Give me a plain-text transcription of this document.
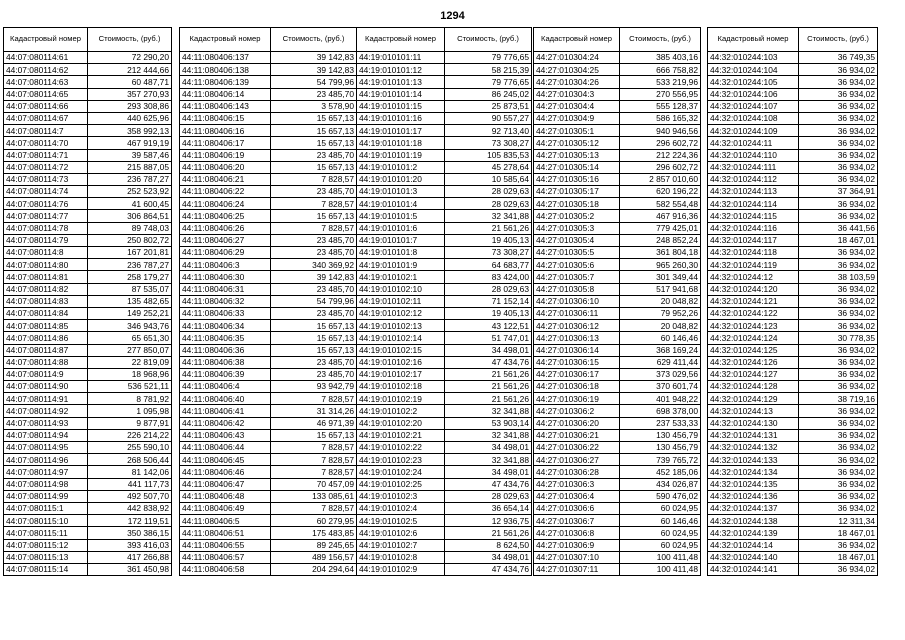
1294
Кадастровый номер	Стоимость, (руб.)
44:07:080114:61	72 290,20
44:07:080114:62	212 444,66
44:07:080114:63	60 487,71
44:07:080114:65	357 270,93
44:07:080114:66	293 308,86
44:07:080114:67	440 625,96
44:07:080114:7	358 992,13
44:07:080114:70	467 919,19
44:07:080114:71	39 587,46
44:07:080114:72	215 887,05
44:07:080114:73	236 787,27
44:07:080114:74	252 523,92
44:07:080114:76	41 600,45
44:07:080114:77	306 864,51
44:07:080114:78	89 748,03
44:07:080114:79	250 802,72
44:07:080114:8	167 201,81
44:07:080114:80	236 787,27
44:07:080114:81	258 179,27
44:07:080114:82	87 535,07
44:07:080114:83	135 482,65
44:07:080114:84	149 252,21
44:07:080114:85	346 943,76
44:07:080114:86	65 651,30
44:07:080114:87	277 850,07
44:07:080114:88	22 819,09
44:07:080114:9	18 968,96
44:07:080114:90	536 521,11
44:07:080114:91	8 781,92
44:07:080114:92	1 095,98
44:07:080114:93	9 877,91
44:07:080114:94	226 214,22
44:07:080114:95	255 590,10
44:07:080114:96	268 506,44
44:07:080114:97	81 142,06
44:07:080114:98	441 117,73
44:07:080114:99	492 507,70
44:07:080115:1	442 838,92
44:07:080115:10	172 119,51
44:07:080115:11	350 386,15
44:07:080115:12	393 416,03
44:07:080115:13	417 266,88
44:07:080115:14	361 450,98
Кадастровый номер	Стоимость, (руб.)
44:11:080406:137	39 142,83
44:11:080406:138	39 142,83
44:11:080406:139	54 799,96
44:11:080406:14	23 485,70
44:11:080406:143	3 578,90
44:11:080406:15	15 657,13
44:11:080406:16	15 657,13
44:11:080406:17	15 657,13
44:11:080406:19	23 485,70
44:11:080406:20	15 657,13
44:11:080406:21	7 828,57
44:11:080406:22	23 485,70
44:11:080406:24	7 828,57
44:11:080406:25	15 657,13
44:11:080406:26	7 828,57
44:11:080406:27	23 485,70
44:11:080406:29	23 485,70
44:11:080406:3	340 369,92
44:11:080406:30	39 142,83
44:11:080406:31	23 485,70
44:11:080406:32	54 799,96
44:11:080406:33	23 485,70
44:11:080406:34	15 657,13
44:11:080406:35	15 657,13
44:11:080406:36	15 657,13
44:11:080406:38	23 485,70
44:11:080406:39	23 485,70
44:11:080406:4	93 942,79
44:11:080406:40	7 828,57
44:11:080406:41	31 314,26
44:11:080406:42	46 971,39
44:11:080406:43	15 657,13
44:11:080406:44	7 828,57
44:11:080406:45	7 828,57
44:11:080406:46	7 828,57
44:11:080406:47	70 457,09
44:11:080406:48	133 085,61
44:11:080406:49	7 828,57
44:11:080406:5	60 279,95
44:11:080406:51	175 483,85
44:11:080406:55	89 245,65
44:11:080406:57	489 156,57
44:11:080406:58	204 294,64
Кадастровый номер	Стоимость, (руб.)
44:19:010101:11	79 776,65
44:19:010101:12	58 215,39
44:19:010101:13	79 776,65
44:19:010101:14	86 245,02
44:19:010101:15	25 873,51
44:19:010101:16	90 557,27
44:19:010101:17	92 713,40
44:19:010101:18	73 308,27
44:19:010101:19	105 835,53
44:19:010101:2	45 278,64
44:19:010101:20	10 585,64
44:19:010101:3	28 029,63
44:19:010101:4	28 029,63
44:19:010101:5	32 341,88
44:19:010101:6	21 561,26
44:19:010101:7	19 405,13
44:19:010101:8	73 308,27
44:19:010101:9	64 683,77
44:19:010102:1	83 424,00
44:19:010102:10	28 029,63
44:19:010102:11	71 152,14
44:19:010102:12	19 405,13
44:19:010102:13	43 122,51
44:19:010102:14	51 747,01
44:19:010102:15	34 498,01
44:19:010102:16	47 434,76
44:19:010102:17	21 561,26
44:19:010102:18	21 561,26
44:19:010102:19	21 561,26
44:19:010102:2	32 341,88
44:19:010102:20	53 903,14
44:19:010102:21	32 341,88
44:19:010102:22	34 498,01
44:19:010102:23	32 341,88
44:19:010102:24	34 498,01
44:19:010102:25	47 434,76
44:19:010102:3	28 029,63
44:19:010102:4	36 654,14
44:19:010102:5	12 936,75
44:19:010102:6	21 561,26
44:19:010102:7	8 624,50
44:19:010102:8	34 498,01
44:19:010102:9	47 434,76
Кадастровый номер	Стоимость, (руб.)
44:27:010304:24	385 403,16
44:27:010304:25	666 758,82
44:27:010304:26	533 219,96
44:27:010304:3	270 556,95
44:27:010304:4	555 128,37
44:27:010304:9	586 165,32
44:27:010305:1	940 946,56
44:27:010305:12	296 602,72
44:27:010305:13	212 224,36
44:27:010305:14	296 602,72
44:27:010305:16	2 857 010,60
44:27:010305:17	620 196,22
44:27:010305:18	582 554,48
44:27:010305:2	467 916,36
44:27:010305:3	779 425,01
44:27:010305:4	248 852,24
44:27:010305:5	361 804,18
44:27:010305:6	965 260,30
44:27:010305:7	301 349,44
44:27:010305:8	517 941,68
44:27:010306:10	20 048,82
44:27:010306:11	79 952,26
44:27:010306:12	20 048,82
44:27:010306:13	60 146,46
44:27:010306:14	368 169,24
44:27:010306:15	629 411,44
44:27:010306:17	373 029,56
44:27:010306:18	370 601,74
44:27:010306:19	401 948,22
44:27:010306:2	698 378,00
44:27:010306:20	237 533,33
44:27:010306:21	130 456,79
44:27:010306:22	130 456,79
44:27:010306:27	739 765,72
44:27:010306:28	452 185,06
44:27:010306:3	434 026,87
44:27:010306:4	590 476,02
44:27:010306:6	60 024,95
44:27:010306:7	60 146,46
44:27:010306:8	60 024,95
44:27:010306:9	60 024,95
44:27:010307:10	100 411,48
44:27:010307:11	100 411,48
Кадастровый номер	Стоимость, (руб.)
44:32:010244:103	36 749,35
44:32:010244:104	36 934,02
44:32:010244:105	36 934,02
44:32:010244:106	36 934,02
44:32:010244:107	36 934,02
44:32:010244:108	36 934,02
44:32:010244:109	36 934,02
44:32:010244:11	36 934,02
44:32:010244:110	36 934,02
44:32:010244:111	36 934,02
44:32:010244:112	36 934,02
44:32:010244:113	37 364,91
44:32:010244:114	36 934,02
44:32:010244:115	36 934,02
44:32:010244:116	36 441,56
44:32:010244:117	18 467,01
44:32:010244:118	36 934,02
44:32:010244:119	36 934,02
44:32:010244:12	38 103,59
44:32:010244:120	36 934,02
44:32:010244:121	36 934,02
44:32:010244:122	36 934,02
44:32:010244:123	36 934,02
44:32:010244:124	30 778,35
44:32:010244:125	36 934,02
44:32:010244:126	36 934,02
44:32:010244:127	36 934,02
44:32:010244:128	36 934,02
44:32:010244:129	38 719,16
44:32:010244:13	36 934,02
44:32:010244:130	36 934,02
44:32:010244:131	36 934,02
44:32:010244:132	36 934,02
44:32:010244:133	36 934,02
44:32:010244:134	36 934,02
44:32:010244:135	36 934,02
44:32:010244:136	36 934,02
44:32:010244:137	36 934,02
44:32:010244:138	12 311,34
44:32:010244:139	18 467,01
44:32:010244:14	36 934,02
44:32:010244:140	18 467,01
44:32:010244:141	36 934,02
